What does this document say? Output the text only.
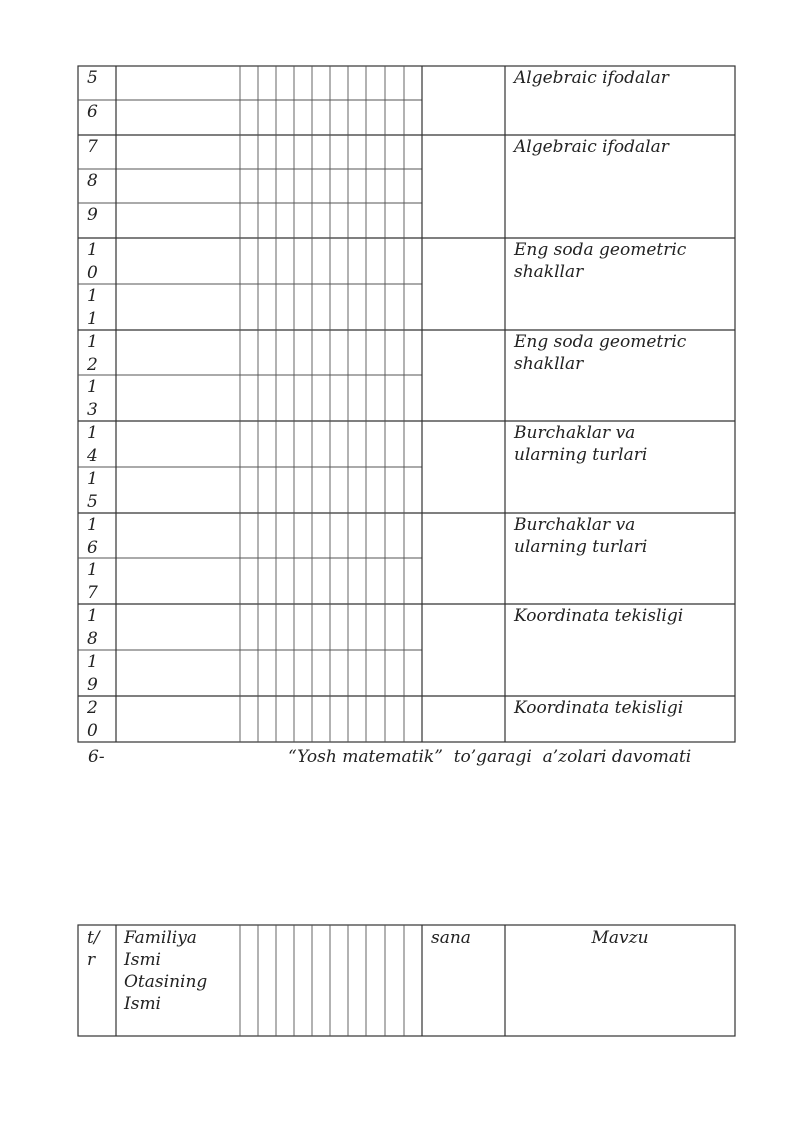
5
6
7
8
9
1
0
1
1
1
2
1
3
1
4
1
5
1
6
1
7
1
8
1
9
2
0
Algebraic ifodalar
Algebraic ifodalar
Eng soda geometric shakllar
Eng soda geometric shakllar
Burchaklar va ularning turlari
Burchaklar va ularning turlari
Koordinata tekisligi
Koordinata tekisligi
6-	“Yosh matematik”  to’garagi  a’zolari davomati
t/
r
Familiya
Ismi
Otasining
Ismi
sana	Mavzu
